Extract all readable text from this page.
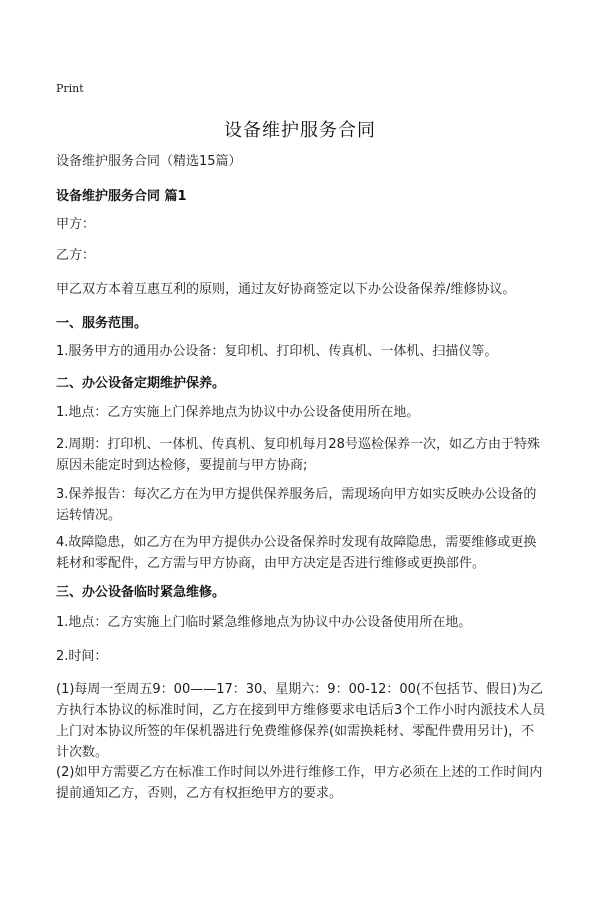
Print
设备维护服务合同

设备维护服务合同（精选15篇）

设备维护服务合同 篇1

甲方：

乙方：

甲乙双方本着互惠互利的原则，通过友好协商签定以下办公设备保养/维修协议。

一、服务范围。

1.服务甲方的通用办公设备：复印机、打印机、传真机、一体机、扫描仪等。

二、办公设备定期维护保养。

1.地点：乙方实施上门保养地点为协议中办公设备使用所在地。

2.周期：打印机、一体机、传真机、复印机每月28号巡检保养一次，如乙方由于特殊原因未能定时到达检修，要提前与甲方协商;

3.保养报告：每次乙方在为甲方提供保养服务后，需现场向甲方如实反映办公设备的运转情况。

4.故障隐患，如乙方在为甲方提供办公设备保养时发现有故障隐患，需要维修或更换耗材和零配件，乙方需与甲方协商，由甲方决定是否进行维修或更换部件。

三、办公设备临时紧急维修。

1.地点：乙方实施上门临时紧急维修地点为协议中办公设备使用所在地。

2.时间：

(1)每周一至周五9：00——17：30、星期六：9：00-12：00(不包括节、假日)为乙方执行本协议的标准时间，乙方在接到甲方维修要求电话后3个工作小时内派技术人员上门对本协议所签的年保机器进行免费维修保养(如需换耗材、零配件费用另计)，不计次数。

(2)如甲方需要乙方在标准工作时间以外进行维修工作，甲方必须在上述的工作时间内提前通知乙方，否则，乙方有权拒绝甲方的要求。
